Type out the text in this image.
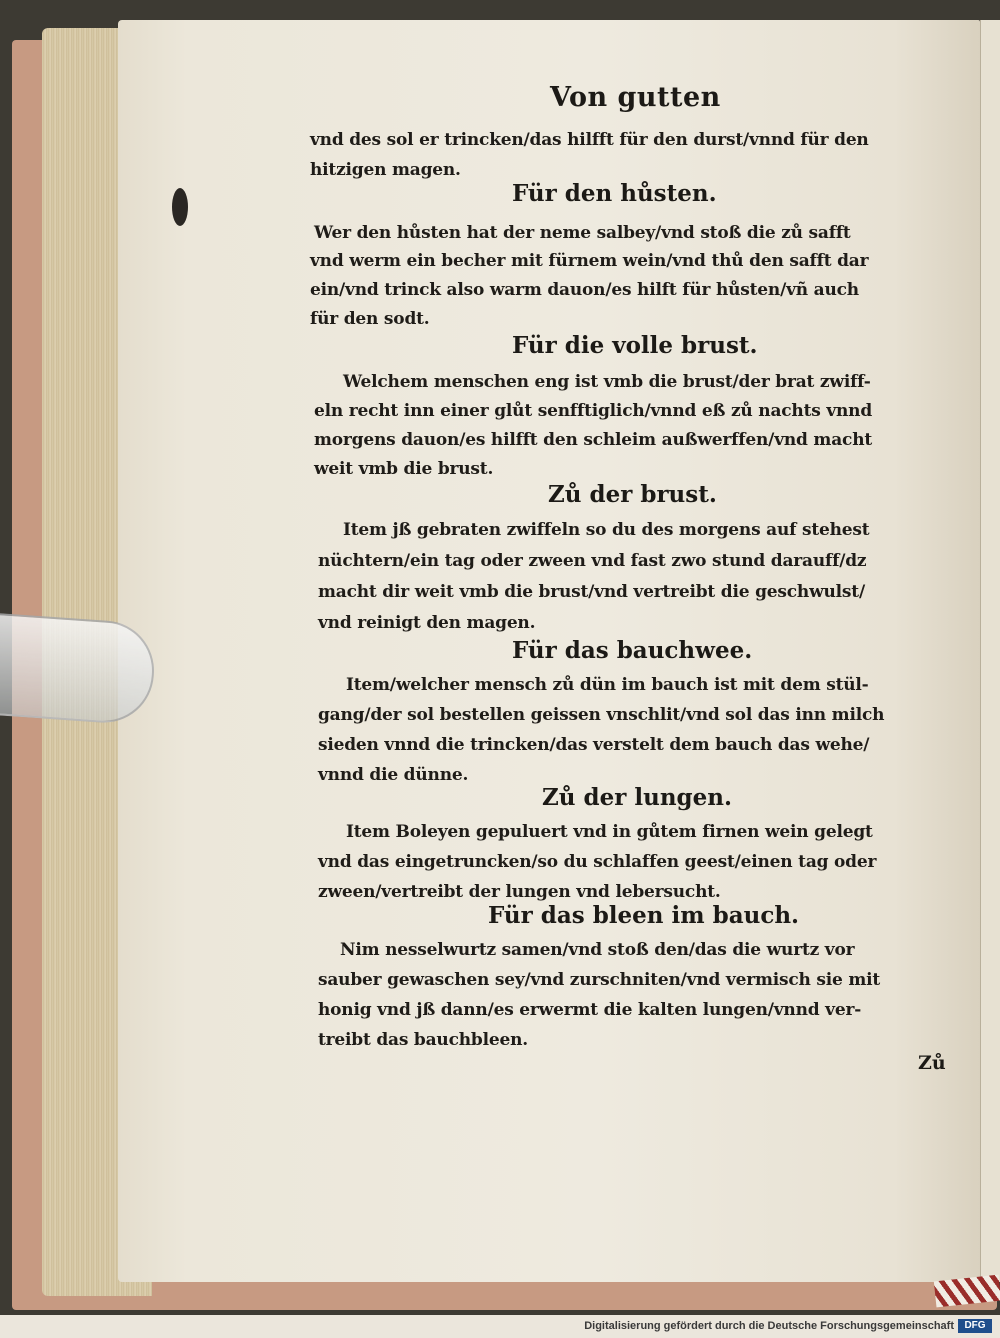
Von gutten

vnd des sol er trincken/das hilfft für den durst/vnnd für den

hitzigen magen.

Für den hůsten.

Wer den hůsten hat der neme salbey/vnd stoß die zů safft

vnd werm ein becher mit fürnem wein/vnd thů den safft dar

ein/vnd trinck also warm dauon/es hilft für hůsten/vñ auch

für den sodt.

Für die volle brust.

Welchem menschen eng ist vmb die brust/der brat zwiff-

eln recht inn einer glůt senfftiglich/vnnd eß zů nachts vnnd

morgens dauon/es hilfft den schleim außwerffen/vnd macht

weit vmb die brust.

Zů der brust.

Item jß gebraten zwiffeln so du des morgens auf stehest

nüchtern/ein tag oder zween vnd fast zwo stund darauff/dz

macht dir weit vmb die brust/vnd vertreibt die geschwulst/

vnd reinigt den magen.

Für das bauchwee.

Item/welcher mensch zů dün im bauch ist mit dem stül-

gang/der sol bestellen geissen vnschlit/vnd sol das inn milch

sieden vnnd die trincken/das verstelt dem bauch das wehe/

vnnd die dünne.

Zů der lungen.

Item Boleyen gepuluert vnd in gůtem firnen wein gelegt

vnd das eingetruncken/so du schlaffen geest/einen tag oder

zween/vertreibt der lungen vnd lebersucht.

Für das bleen im bauch.

Nim nesselwurtz samen/vnd stoß den/das die wurtz vor

sauber gewaschen sey/vnd zurschniten/vnd vermisch sie mit

honig vnd jß dann/es erwermt die kalten lungen/vnnd ver-

treibt das bauchbleen.

Zů

Digitalisierung gefördert durch die Deutsche Forschungsgemeinschaft	DFG
